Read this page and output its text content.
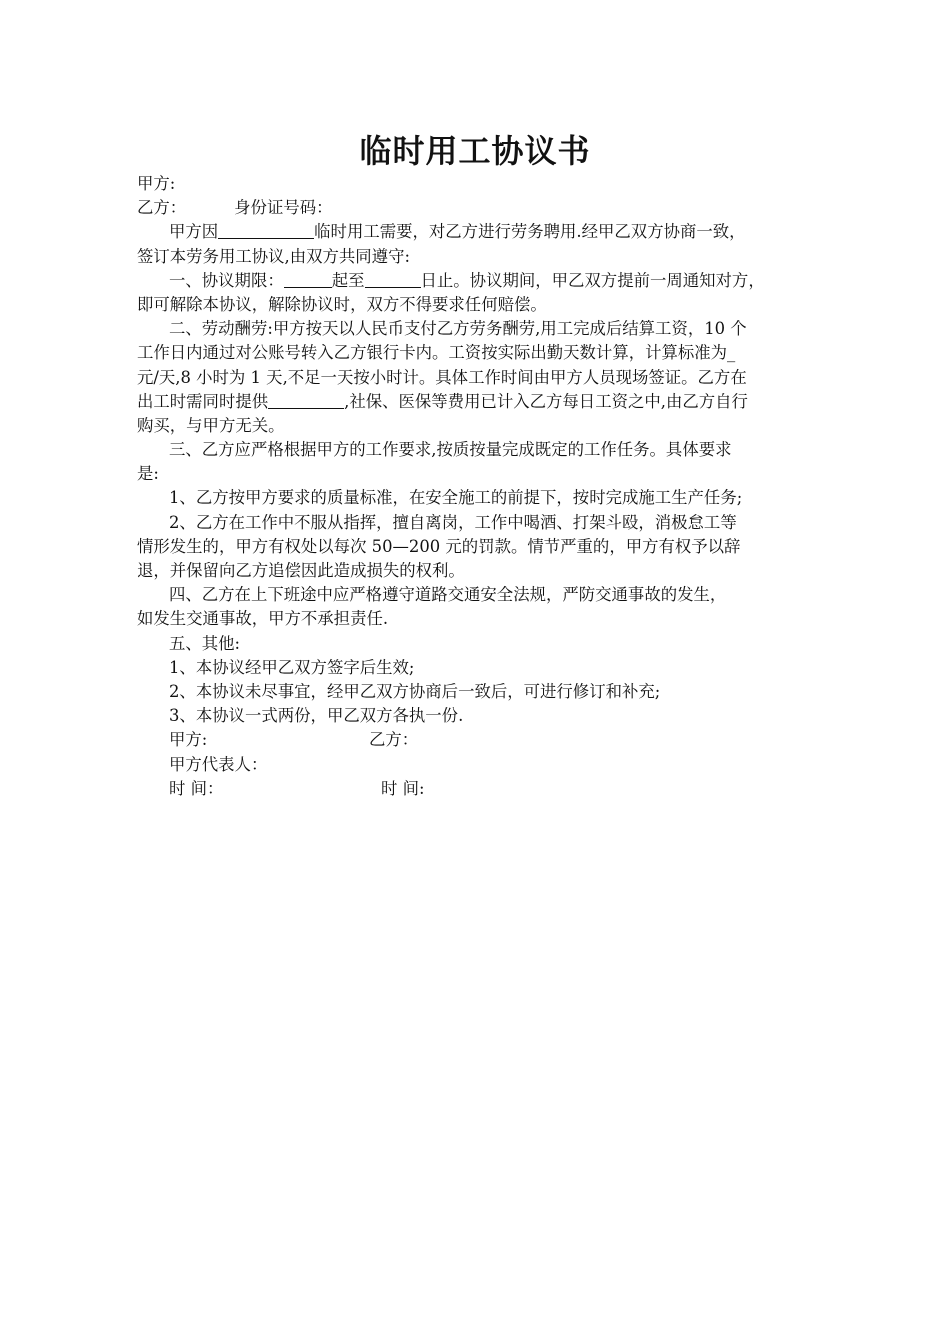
临时用工协议书
甲方:
乙方：	身份证号码：
甲方因	临时用工需要，对乙方进行劳务聘用.经甲乙双方协商一致，
签订本劳务用工协议,由双方共同遵守:
一、协议期限：	起至	日止。协议期间，甲乙双方提前一周通知对方，
即可解除本协议，解除协议时，双方不得要求任何赔偿。
二、劳动酬劳:甲方按天以人民币支付乙方劳务酬劳,用工完成后结算工资，10 个
工作日内通过对公账号转入乙方银行卡内。工资按实际出勤天数计算，计算标准为_
元/天,8 小时为 1 天,不足一天按小时计。具体工作时间由甲方人员现场签证。乙方在
出工时需同时提供	,社保、医保等费用已计入乙方每日工资之中,由乙方自行
购买，与甲方无关。
三、乙方应严格根据甲方的工作要求,按质按量完成既定的工作任务。具体要求
是:
1、乙方按甲方要求的质量标准，在安全施工的前提下，按时完成施工生产任务;
2、乙方在工作中不服从指挥，擅自离岗，工作中喝酒、打架斗殴，消极怠工等
情形发生的，甲方有权处以每次 50—200 元的罚款。情节严重的，甲方有权予以辞
退，并保留向乙方追偿因此造成损失的权利。
四、乙方在上下班途中应严格遵守道路交通安全法规，严防交通事故的发生，
如发生交通事故，甲方不承担责任.
五、其他:
1、本协议经甲乙双方签字后生效;
2、本协议未尽事宜，经甲乙双方协商后一致后，可进行修订和补充;
3、本协议一式两份，甲乙双方各执一份.
甲方:	乙方：
甲方代表人：
时 间：	时 间:
